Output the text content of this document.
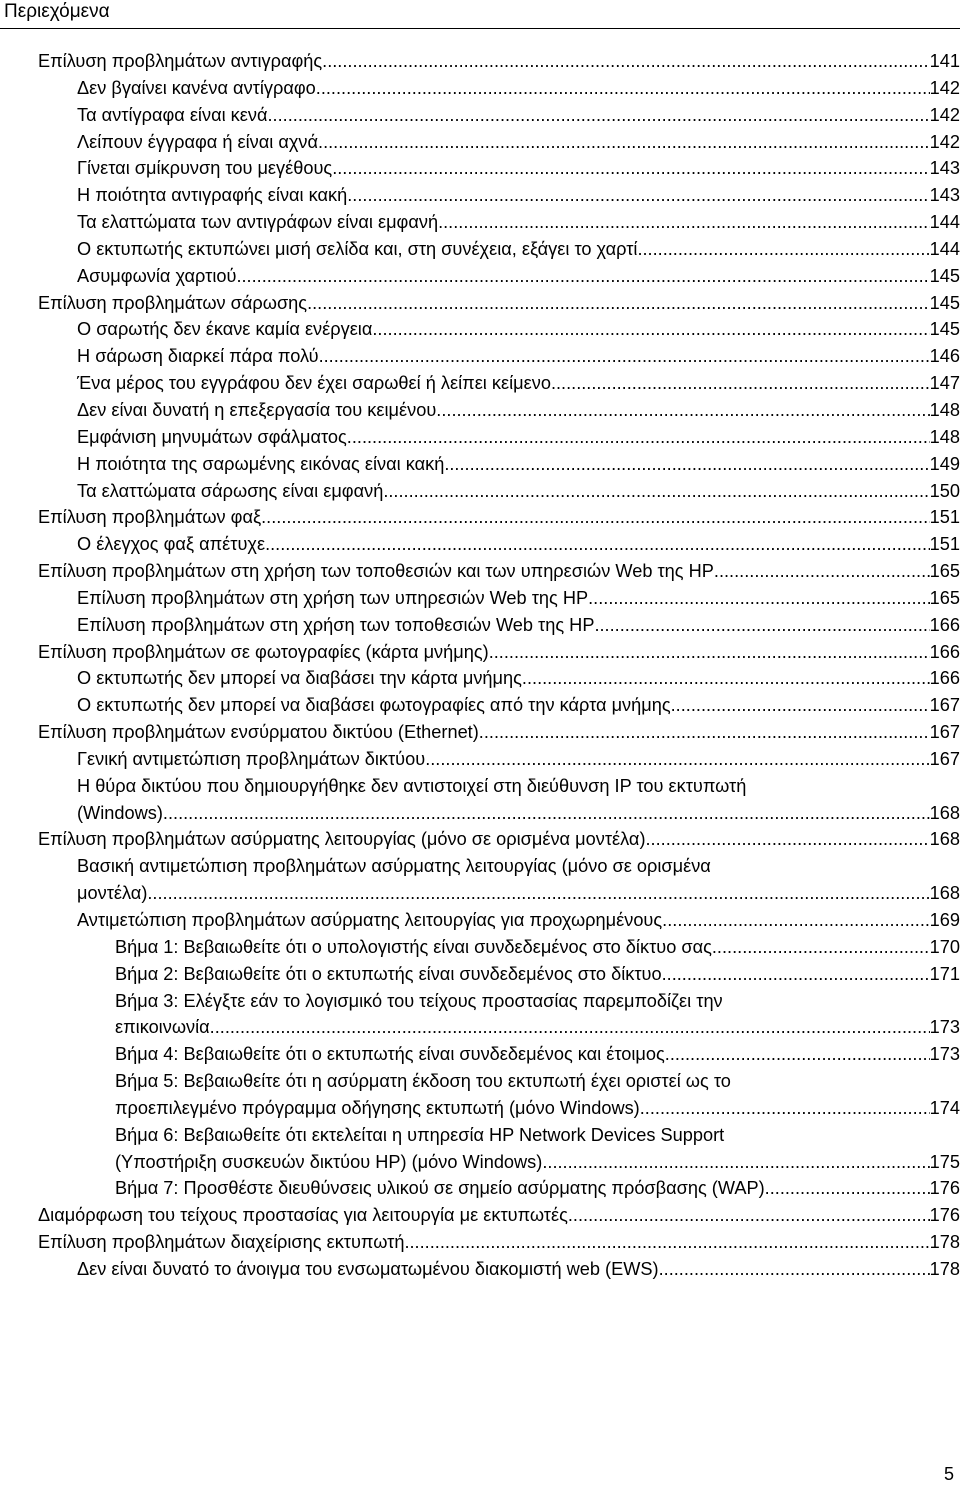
Περιεχόμενα
Επίλυση προβλημάτων αντιγραφής .....	141
Δεν βγαίνει κανένα αντίγραφο .....	142
Τα αντίγραφα είναι κενά .....	142
Λείπουν έγγραφα ή είναι αχνά .....	142
Γίνεται σμίκρυνση του μεγέθους .....	143
Η ποιότητα αντιγραφής είναι κακή .....	143
Τα ελαττώματα των αντιγράφων είναι εμφανή .....	144
Ο εκτυπωτής εκτυπώνει μισή σελίδα και, στη συνέχεια, εξάγει το χαρτί .....	144
Ασυμφωνία χαρτιού .....	145
Επίλυση προβλημάτων σάρωσης .....	145
Ο σαρωτής δεν έκανε καμία ενέργεια .....	145
Η σάρωση διαρκεί πάρα πολύ .....	146
Ένα μέρος του εγγράφου δεν έχει σαρωθεί ή λείπει κείμενο .....	147
Δεν είναι δυνατή η επεξεργασία του κειμένου .....	148
Εμφάνιση μηνυμάτων σφάλματος .....	148
Η ποιότητα της σαρωμένης εικόνας είναι κακή .....	149
Τα ελαττώματα σάρωσης είναι εμφανή .....	150
Επίλυση προβλημάτων φαξ .....	151
Ο έλεγχος φαξ απέτυχε .....	151
Επίλυση προβλημάτων στη χρήση των τοποθεσιών και των υπηρεσιών Web της HP .....	165
Επίλυση προβλημάτων στη χρήση των υπηρεσιών Web της HP .....	165
Επίλυση προβλημάτων στη χρήση των τοποθεσιών Web της HP .....	166
Επίλυση προβλημάτων σε φωτογραφίες (κάρτα μνήμης) .....	166
Ο εκτυπωτής δεν μπορεί να διαβάσει την κάρτα μνήμης .....	166
Ο εκτυπωτής δεν μπορεί να διαβάσει φωτογραφίες από την κάρτα μνήμης .....	167
Επίλυση προβλημάτων ενσύρματου δικτύου (Ethernet) .....	167
Γενική αντιμετώπιση προβλημάτων δικτύου .....	167
Η θύρα δικτύου που δημιουργήθηκε δεν αντιστοιχεί στη διεύθυνση IP του εκτυπωτή
(Windows) .....	168
Επίλυση προβλημάτων ασύρματης λειτουργίας (μόνο σε ορισμένα μοντέλα) .....	168
Βασική αντιμετώπιση προβλημάτων ασύρματης λειτουργίας (μόνο σε ορισμένα
μοντέλα) .....	168
Αντιμετώπιση προβλημάτων ασύρματης λειτουργίας για προχωρημένους .....	169
Βήμα 1: Βεβαιωθείτε ότι ο υπολογιστής είναι συνδεδεμένος στο δίκτυο σας .....	170
Βήμα 2: Βεβαιωθείτε ότι ο εκτυπωτής είναι συνδεδεμένος στο δίκτυο .....	171
Βήμα 3: Ελέγξτε εάν το λογισμικό του τείχους προστασίας παρεμποδίζει την
επικοινωνία .....	173
Βήμα 4: Βεβαιωθείτε ότι ο εκτυπωτής είναι συνδεδεμένος και έτοιμος .....	173
Βήμα 5: Βεβαιωθείτε ότι η ασύρματη έκδοση του εκτυπωτή έχει οριστεί ως το
προεπιλεγμένο πρόγραμμα οδήγησης εκτυπωτή (μόνο Windows) .....	174
Βήμα 6: Βεβαιωθείτε ότι εκτελείται η υπηρεσία HP Network Devices Support
(Υποστήριξη συσκευών δικτύου HP) (μόνο Windows) .....	175
Βήμα 7: Προσθέστε διευθύνσεις υλικού σε σημείο ασύρματης πρόσβασης (WAP) .....	176
Διαμόρφωση του τείχους προστασίας για λειτουργία με εκτυπωτές .....	176
Επίλυση προβλημάτων διαχείρισης εκτυπωτή .....	178
Δεν είναι δυνατό το άνοιγμα του ενσωματωμένου διακομιστή web (EWS) .....	178
5
